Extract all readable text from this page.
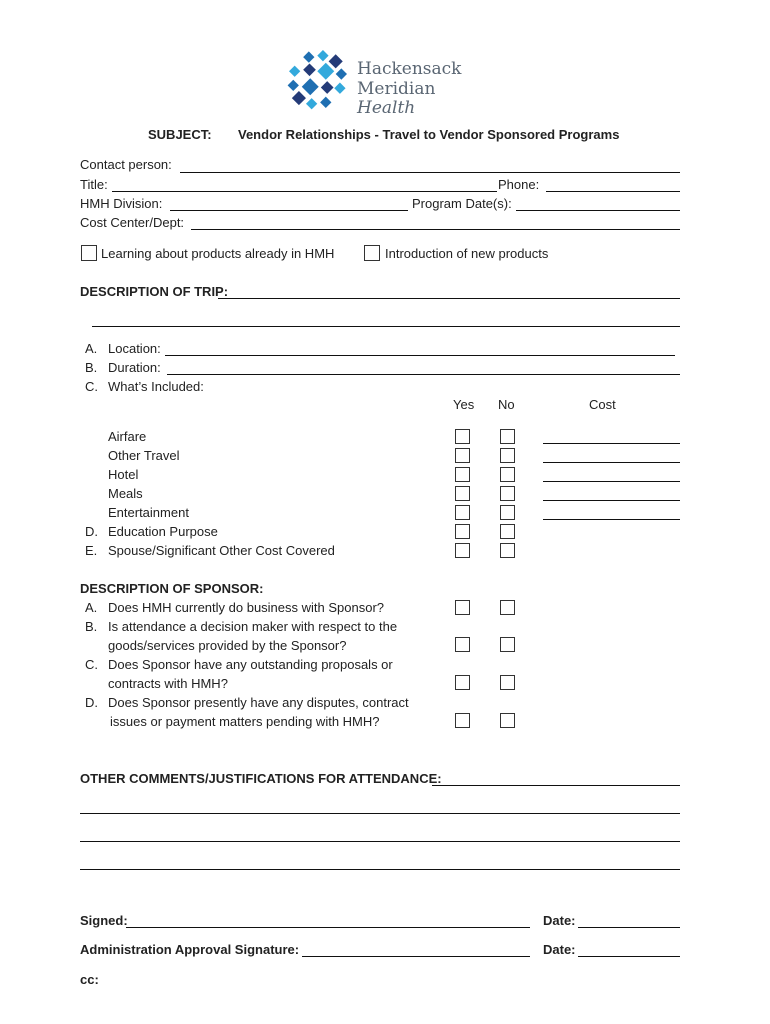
Hackensack
Meridian Health
SUBJECT: Vendor Relationships - Travel to Vendor Sponsored Programs
Contact person:
Title:	Phone:
HMH Division:	Program Date(s):
Cost Center/Dept:
Learning about products already in HMH	Introduction of new products
DESCRIPTION OF TRIP:
A. Location:
B. Duration:
C. What’s Included:
Yes No	Cost
Airfare
Other Travel
Hotel
Meals
Entertainment
D. Education Purpose
E. Spouse/Significant Other Cost Covered
DESCRIPTION OF SPONSOR:
A. Does HMH currently do business with Sponsor?
B. Is attendance a decision maker with respect to the
goods/services provided by the Sponsor?
C. Does Sponsor have any outstanding proposals or
contracts with HMH?
D. Does Sponsor presently have any disputes, contract
issues or payment matters pending with HMH?
OTHER COMMENTS/JUSTIFICATIONS FOR ATTENDANCE:
Signed:	Date:
Administration Approval Signature:	Date:
cc:
